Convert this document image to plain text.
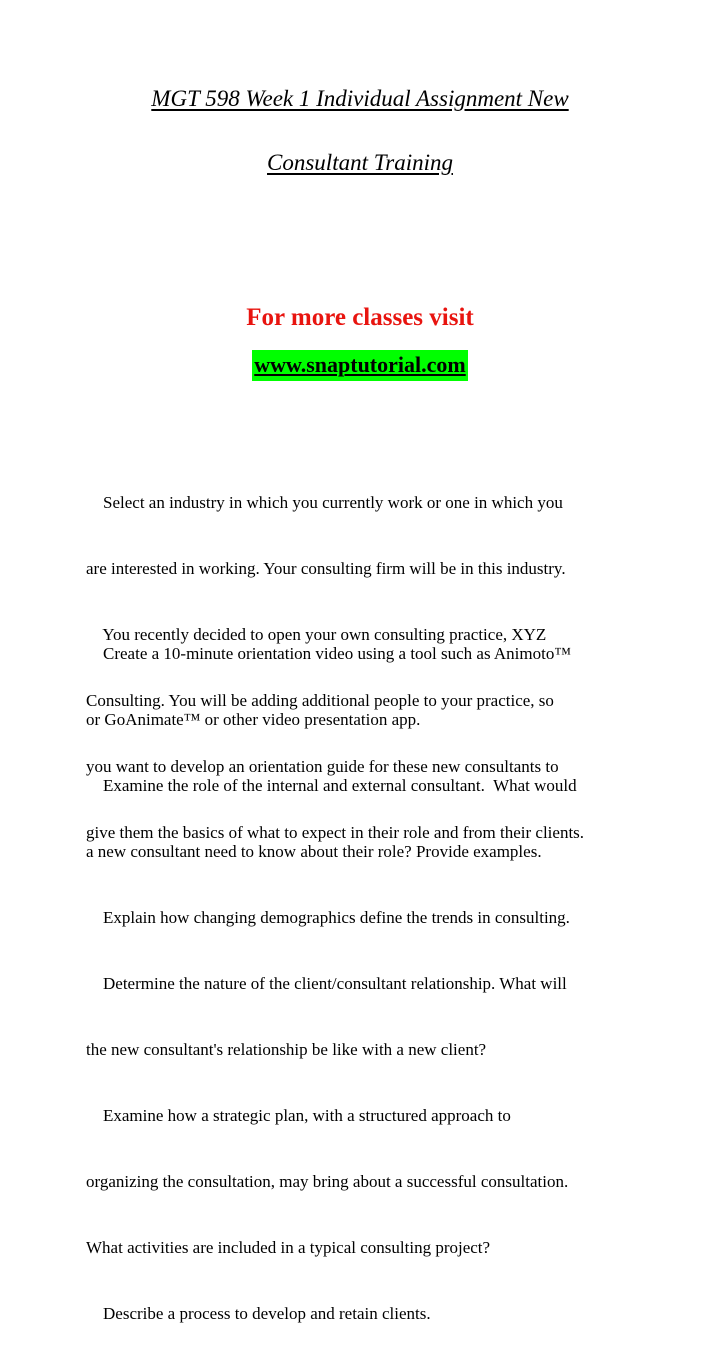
MGT 598 Week 1 Individual Assignment New
Consultant Training
For more classes visit
www.snaptutorial.com

Select an industry in which you currently work or one in which you

are interested in working. Your consulting firm will be in this industry.

You recently decided to open your own consulting practice, XYZ

Consulting. You will be adding additional people to your practice, so

you want to develop an orientation guide for these new consultants to

give them the basics of what to expect in their role and from their clients.

Create a 10-minute orientation video using a tool such as Animoto™

or GoAnimate™ or other video presentation app.

Examine the role of the internal and external consultant.  What would

a new consultant need to know about their role? Provide examples.

Explain how changing demographics define the trends in consulting.

Determine the nature of the client/consultant relationship. What will

the new consultant's relationship be like with a new client?

Examine how a strategic plan, with a structured approach to

organizing the consultation, may bring about a successful consultation.

What activities are included in a typical consulting project?

Describe a process to develop and retain clients.
